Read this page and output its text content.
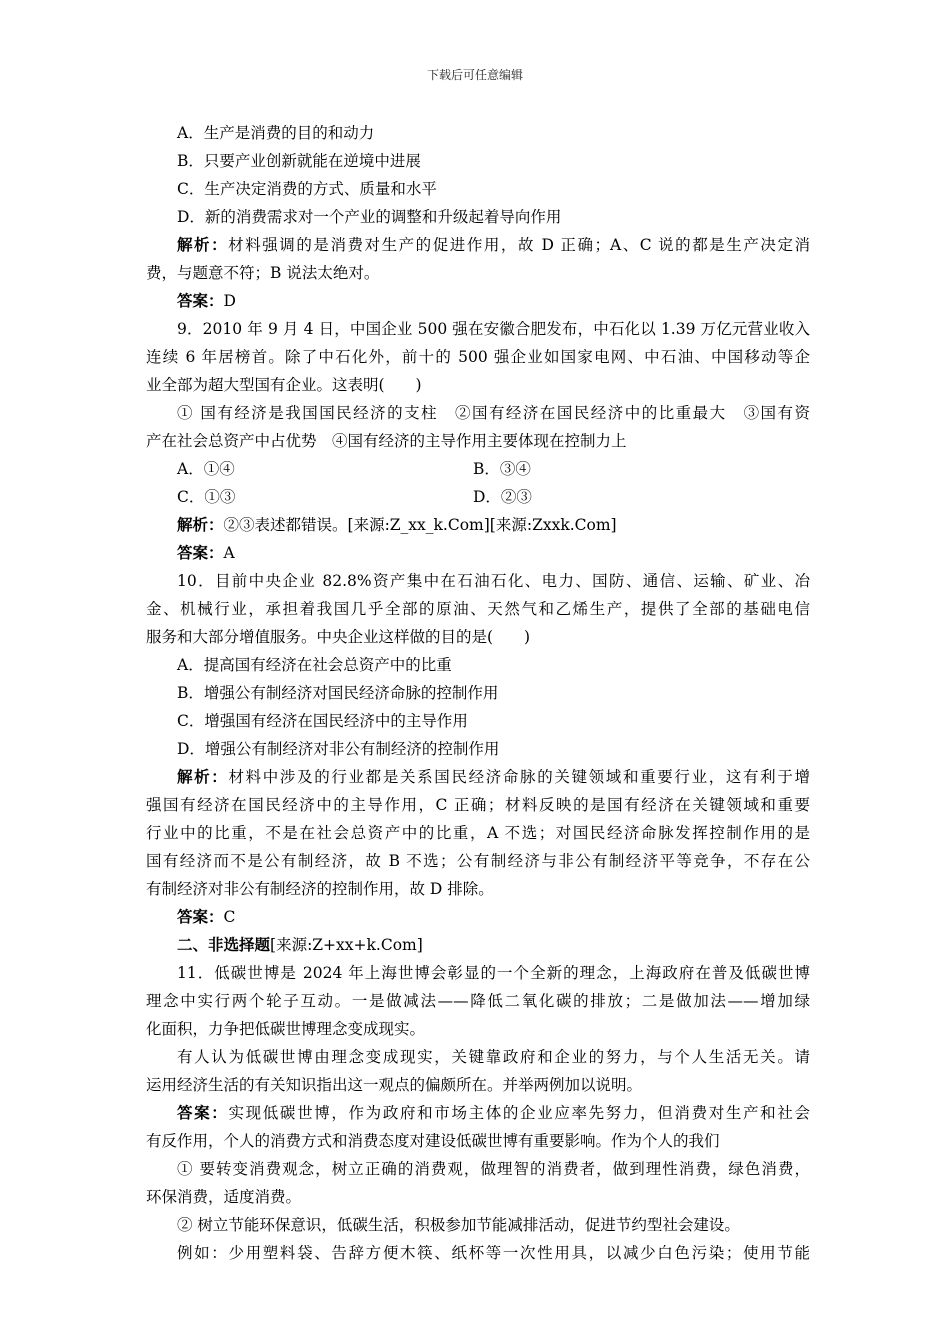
下载后可任意编辑
A．生产是消费的目的和动力
B．只要产业创新就能在逆境中进展
C．生产决定消费的方式、质量和水平
D．新的消费需求对一个产业的调整和升级起着导向作用
解析：材料强调的是消费对生产的促进作用，故 D 正确；A、C 说的都是生产决定消
费，与题意不符；B 说法太绝对。
答案：D
9．2010 年 9 月 4 日，中国企业 500 强在安徽合肥发布，中石化以 1.39 万亿元营业收入
连续 6 年居榜首。除了中石化外，前十的 500 强企业如国家电网、中石油、中国移动等企
业全部为超大型国有企业。这表明(　　)
① 国有经济是我国国民经济的支柱　②国有经济在国民经济中的比重最大　③国有资
产在社会总资产中占优势　④国有经济的主导作用主要体现在控制力上
A．①④	B．③④
C．①③	D．②③
解析：②③表述都错误。[来源:Z_xx_k.Com][来源:Zxxk.Com]
答案：A
10．目前中央企业 82.8%资产集中在石油石化、电力、国防、通信、运输、矿业、冶
金、机械行业，承担着我国几乎全部的原油、天然气和乙烯生产，提供了全部的基础电信
服务和大部分增值服务。中央企业这样做的目的是(　　)
A．提高国有经济在社会总资产中的比重
B．增强公有制经济对国民经济命脉的控制作用
C．增强国有经济在国民经济中的主导作用
D．增强公有制经济对非公有制经济的控制作用
解析：材料中涉及的行业都是关系国民经济命脉的关键领域和重要行业，这有利于增
强国有经济在国民经济中的主导作用，C 正确；材料反映的是国有经济在关键领域和重要
行业中的比重，不是在社会总资产中的比重，A 不选；对国民经济命脉发挥控制作用的是
国有经济而不是公有制经济，故 B 不选；公有制经济与非公有制经济平等竞争，不存在公
有制经济对非公有制经济的控制作用，故 D 排除。
答案：C
二、非选择题[来源:Z+xx+k.Com]
11．低碳世博是 2024 年上海世博会彰显的一个全新的理念，上海政府在普及低碳世博
理念中实行两个轮子互动。一是做减法——降低二氧化碳的排放；二是做加法——增加绿
化面积，力争把低碳世博理念变成现实。
有人认为低碳世博由理念变成现实，关键靠政府和企业的努力，与个人生活无关。请
运用经济生活的有关知识指出这一观点的偏颇所在。并举两例加以说明。
答案：实现低碳世博，作为政府和市场主体的企业应率先努力，但消费对生产和社会
有反作用，个人的消费方式和消费态度对建设低碳世博有重要影响。作为个人的我们
① 要转变消费观念，树立正确的消费观，做理智的消费者，做到理性消费，绿色消费，
环保消费，适度消费。
② 树立节能环保意识，低碳生活，积极参加节能减排活动，促进节约型社会建设。
例如：少用塑料袋、告辞方便木筷、纸杯等一次性用具，以减少白色污染；使用节能
